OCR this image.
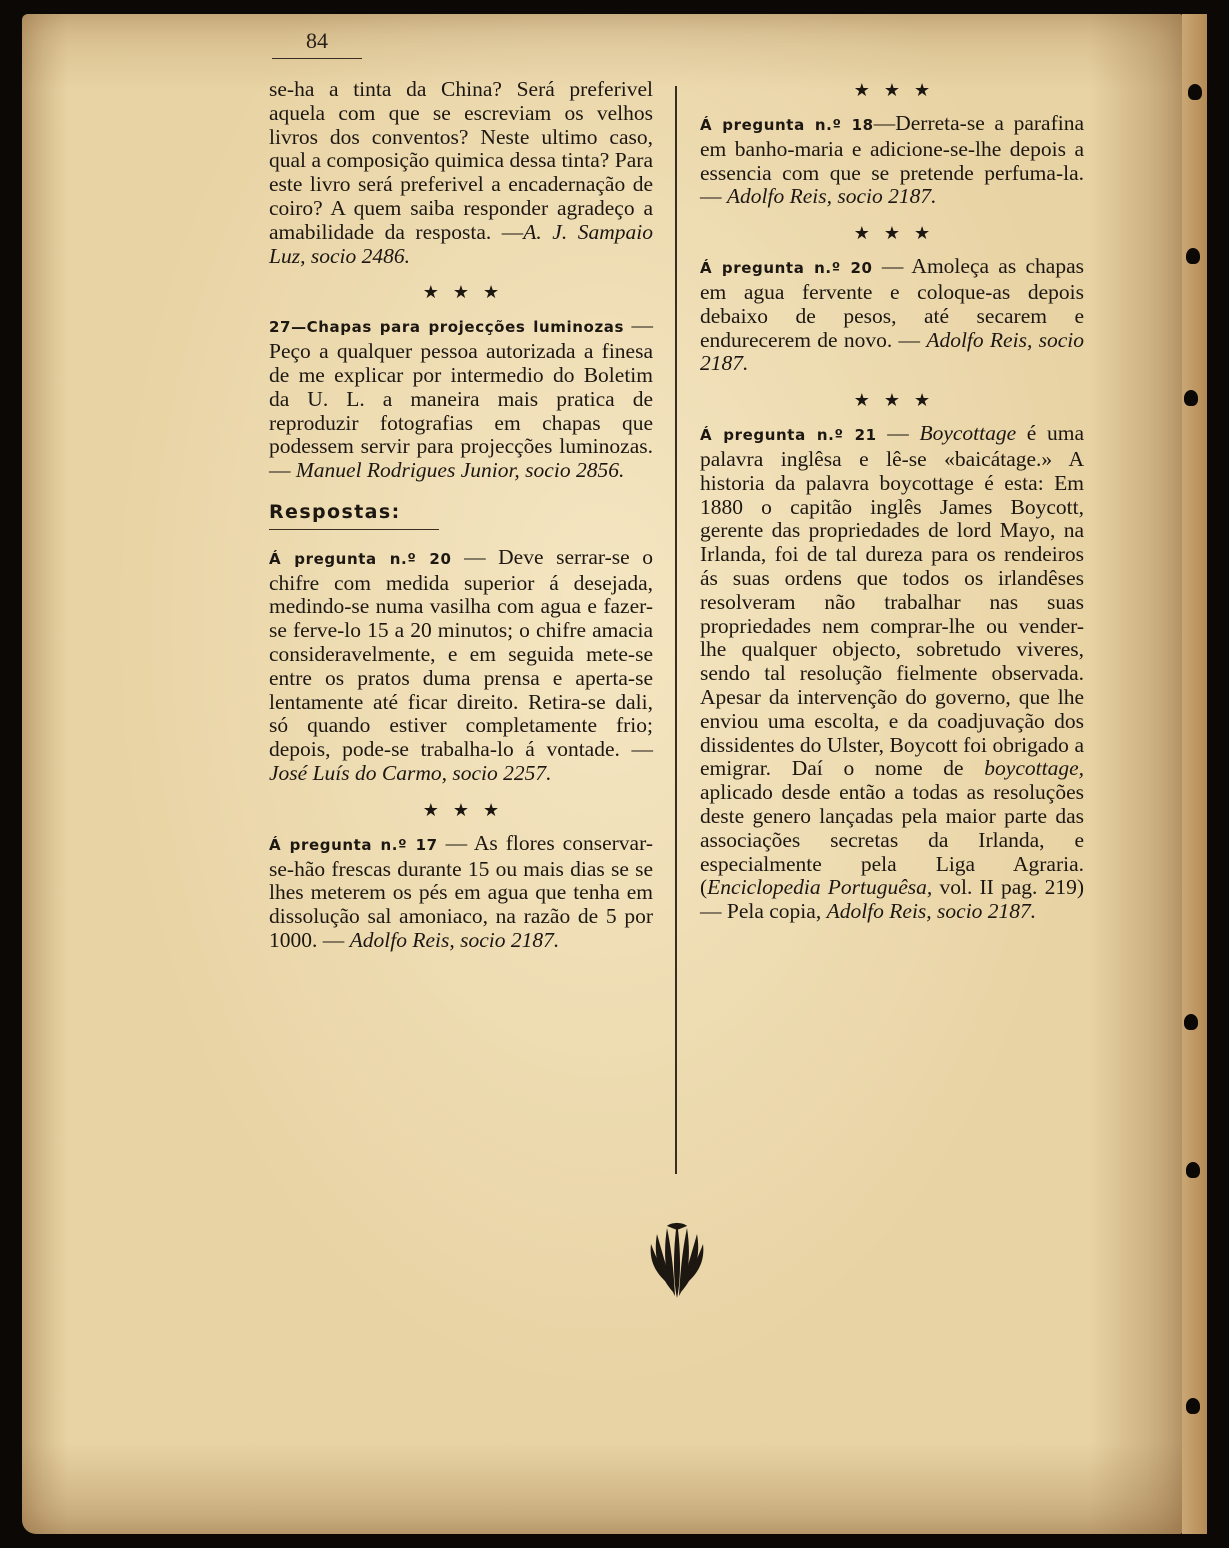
84

se-ha a tinta da China? Será preferivel aquela com que se escreviam os velhos livros dos conventos? Neste ultimo caso, qual a composição quimica dessa tinta? Para este livro será preferivel a encadernação de coiro? A quem saiba responder agradeço a amabilidade da resposta. —A. J. Sampaio Luz, socio 2486.

★★★

27—Chapas para projecções luminozas — Peço a qualquer pessoa autorizada a finesa de me explicar por intermedio do Boletim da U. L. a maneira mais pratica de reproduzir fotografias em chapas que podessem servir para projecções luminozas. — Manuel Rodrigues Junior, socio 2856.

Respostas:

Á pregunta n.º 20 — Deve serrar-se o chifre com medida superior á desejada, medindo-se numa vasilha com agua e fazer-se ferve-lo 15 a 20 minutos; o chifre amacia consideravelmente, e em seguida mete-se entre os pratos duma prensa e aperta-se lentamente até ficar direito. Retira-se dali, só quando estiver completamente frio; depois, pode-se trabalha-lo á vontade. — José Luís do Carmo, socio 2257.

★★★

Á pregunta n.º 17 — As flores conservar-se-hão frescas durante 15 ou mais dias se se lhes meterem os pés em agua que tenha em dissolução sal amoniaco, na razão de 5 por 1000. — Adolfo Reis, socio 2187.

★★★

Á pregunta n.º 18—Derreta-se a parafina em banho-maria e adicione-se-lhe depois a essencia com que se pretende perfuma-la. — Adolfo Reis, socio 2187.

★★★

Á pregunta n.º 20 — Amoleça as chapas em agua fervente e coloque-as depois debaixo de pesos, até secarem e endurecerem de novo. — Adolfo Reis, socio 2187.

★★★

Á pregunta n.º 21 — Boycottage é uma palavra inglêsa e lê-se «baicátage.» A historia da palavra boycottage é esta: Em 1880 o capitão inglês James Boycott, gerente das propriedades de lord Mayo, na Irlanda, foi de tal dureza para os rendeiros ás suas ordens que todos os irlandêses resolveram não trabalhar nas suas propriedades nem comprar-lhe ou vender-lhe qualquer objecto, sobretudo viveres, sendo tal resolução fielmente observada. Apesar da intervenção do governo, que lhe enviou uma escolta, e da coadjuvação dos dissidentes do Ulster, Boycott foi obrigado a emigrar. Daí o nome de boycottage, aplicado desde então a todas as resoluções deste genero lançadas pela maior parte das associações secretas da Irlanda, e especialmente pela Liga Agraria. (Enciclopedia Portuguêsa, vol. II pag. 219) — Pela copia, Adolfo Reis, socio 2187.
